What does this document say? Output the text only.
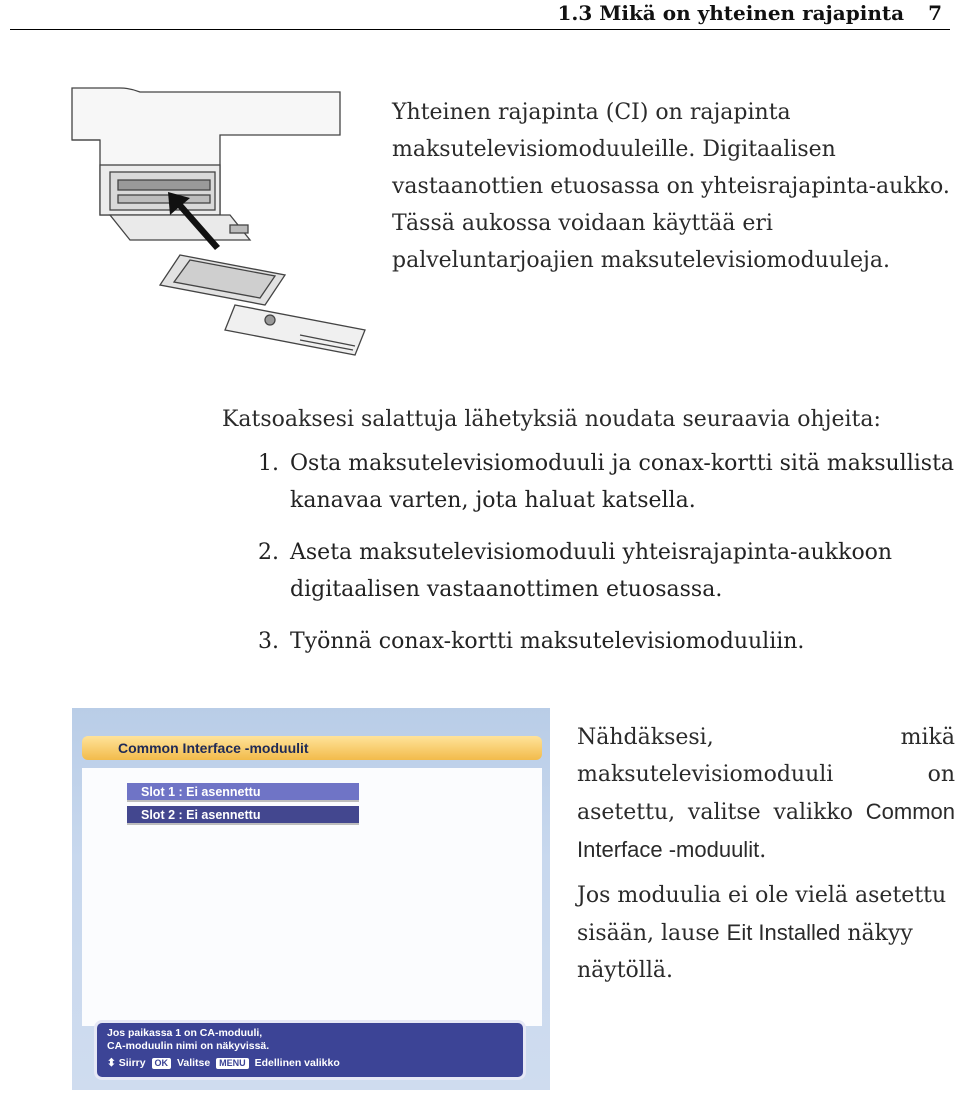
1.3 Mikä on yhteinen rajapinta 7

Yhteinen rajapinta (CI) on rajapinta maksutelevisiomoduuleille. Digitaalisen vastaanottien etuosassa on yhteisrajapinta-aukko. Tässä aukossa voidaan käyttää eri palveluntarjoajien maksutelevisiomoduuleja.

Katsoaksesi salattuja lähetyksiä noudata seuraavia ohjeita:

1. Osta maksutelevisiomoduuli ja conax-kortti sitä maksullista kanavaa varten, jota haluat katsella.
2. Aseta maksutelevisiomoduuli yhteisrajapinta-aukkoon digitaalisen vastaanottimen etuosassa.
3. Työnnä conax-kortti maksutelevisiomoduuliin.
Common Interface -moduulit
Slot 1 : Ei asennettu
Slot 2 : Ei asennettu
Jos paikassa 1 on CA-moduuli,
CA-moduulin nimi on näkyvissä.
⬍ Siirry OK Valitse MENU Edellinen valikko

Nähdäksesi, mikä maksutelevisiomoduuli on asetettu, valitse valikko Common Interface -moduulit.

Jos moduulia ei ole vielä asetettu sisään, lause Eit Installed näkyy näytöllä.
